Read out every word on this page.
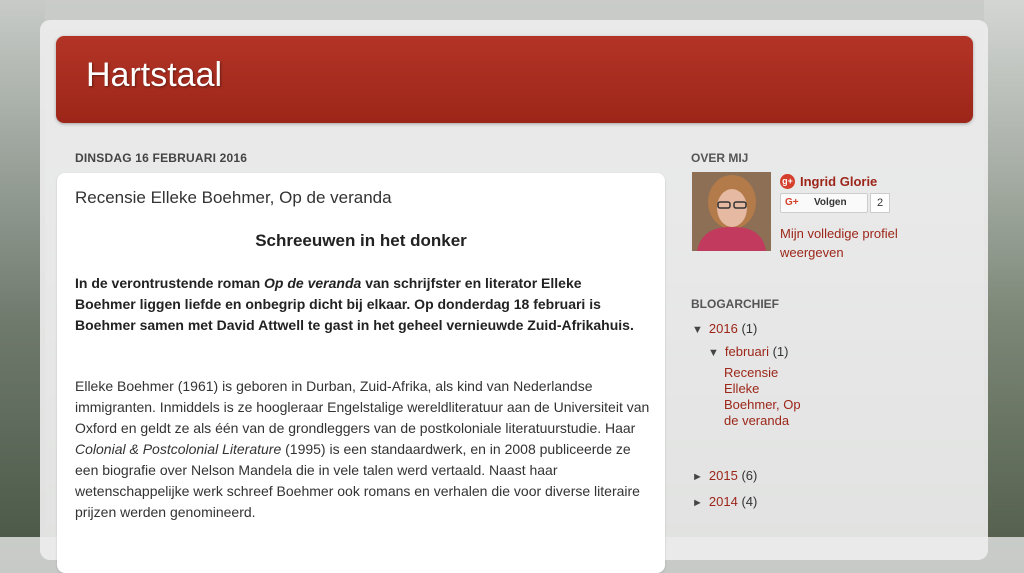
Hartstaal
DINSDAG 16 FEBRUARI 2016
Recensie Elleke Boehmer, Op de veranda
Schreeuwen in het donker
In de verontrustende roman Op de veranda van schrijfster en literator Elleke Boehmer liggen liefde en onbegrip dicht bij elkaar. Op donderdag 18 februari is Boehmer samen met David Attwell te gast in het geheel vernieuwde Zuid-Afrikahuis.
Elleke Boehmer (1961) is geboren in Durban, Zuid-Afrika, als kind van Nederlandse immigranten. Inmiddels is ze hoogleraar Engelstalige wereldliteratuur aan de Universiteit van Oxford en geldt ze als één van de grondleggers van de postkoloniale literatuurstudie. Haar Colonial & Postcolonial Literature (1995) is een standaardwerk, en in 2008 publiceerde ze een biografie over Nelson Mandela die in vele talen werd vertaald. Naast haar wetenschappelijke werk schreef Boehmer ook romans en verhalen die voor diverse literaire prijzen werden genomineerd.
OVER MIJ
g+ Ingrid Glorie
G+ Volgen	2
Mijn volledige profiel weergeven
BLOGARCHIEF
▼ 2016 (1)
▼ februari (1)
Recensie Elleke Boehmer, Op de veranda
► 2015 (6)
► 2014 (4)
